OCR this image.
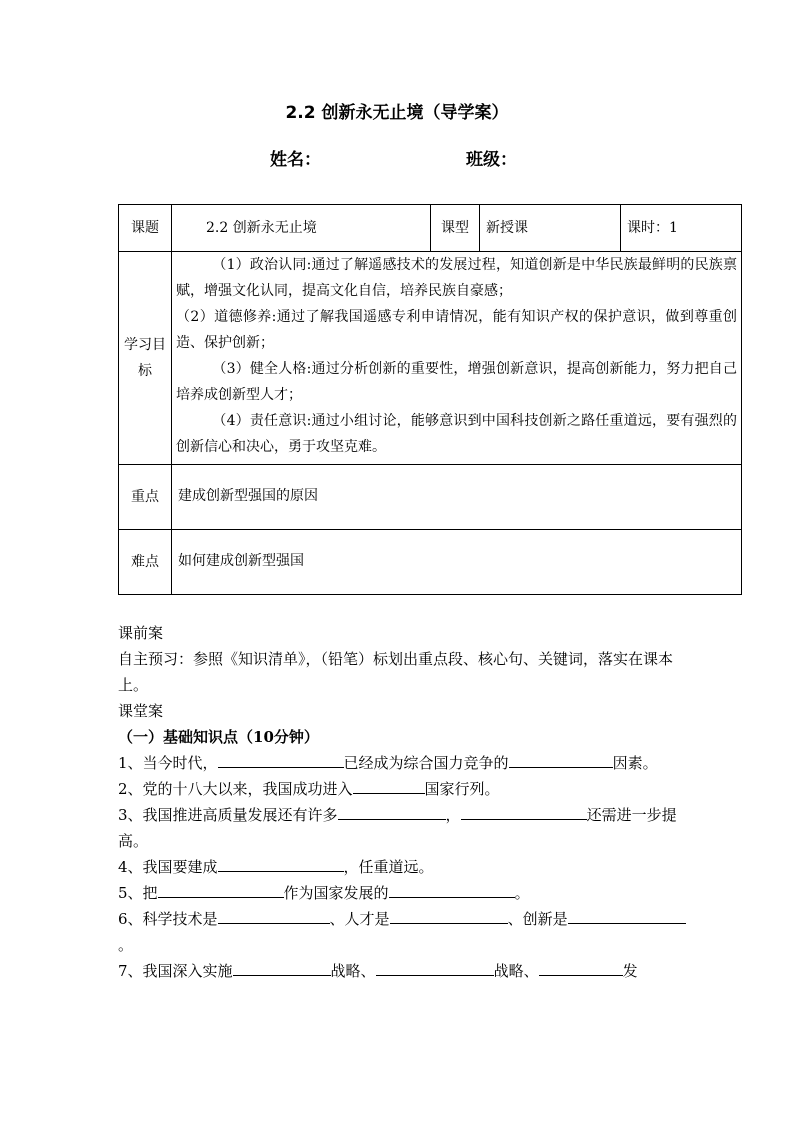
2.2 创新永无止境（导学案）
姓名：	班级：
课题	2.2 创新永无止境	课型	新授课	课时：1
学习目标	（1）政治认同:通过了解遥感技术的发展过程，知道创新是中华民族最鲜明的民族禀赋，增强文化认同，提高文化自信，培养民族自豪感；

（2）道德修养:通过了解我国遥感专利申请情况，能有知识产权的保护意识，做到尊重创造、保护创新；

（3）健全人格:通过分析创新的重要性，增强创新意识，提高创新能力，努力把自己培养成创新型人才；

（4）责任意识:通过小组讨论，能够意识到中国科技创新之路任重道远，要有强烈的创新信心和决心，勇于攻坚克难。			

重点	建成创新型强国的原因			
难点	如何建成创新型强国			

课前案

自主预习：参照《知识清单》，（铅笔）标划出重点段、核心句、关键词，落实在课本上。

课堂案

（一）基础知识点（10分钟）

1、当今时代，	已经成为综合国力竞争的	因素。

2、党的十八大以来，我国成功进入	国家行列。

3、我国推进高质量发展还有许多	，	还需进一步提高。

4、我国要建成	，任重道远。

5、把	作为国家发展的	。

6、科学技术是	、人才是	、创新是。

7、我国深入实施	战略、	战略、	发
